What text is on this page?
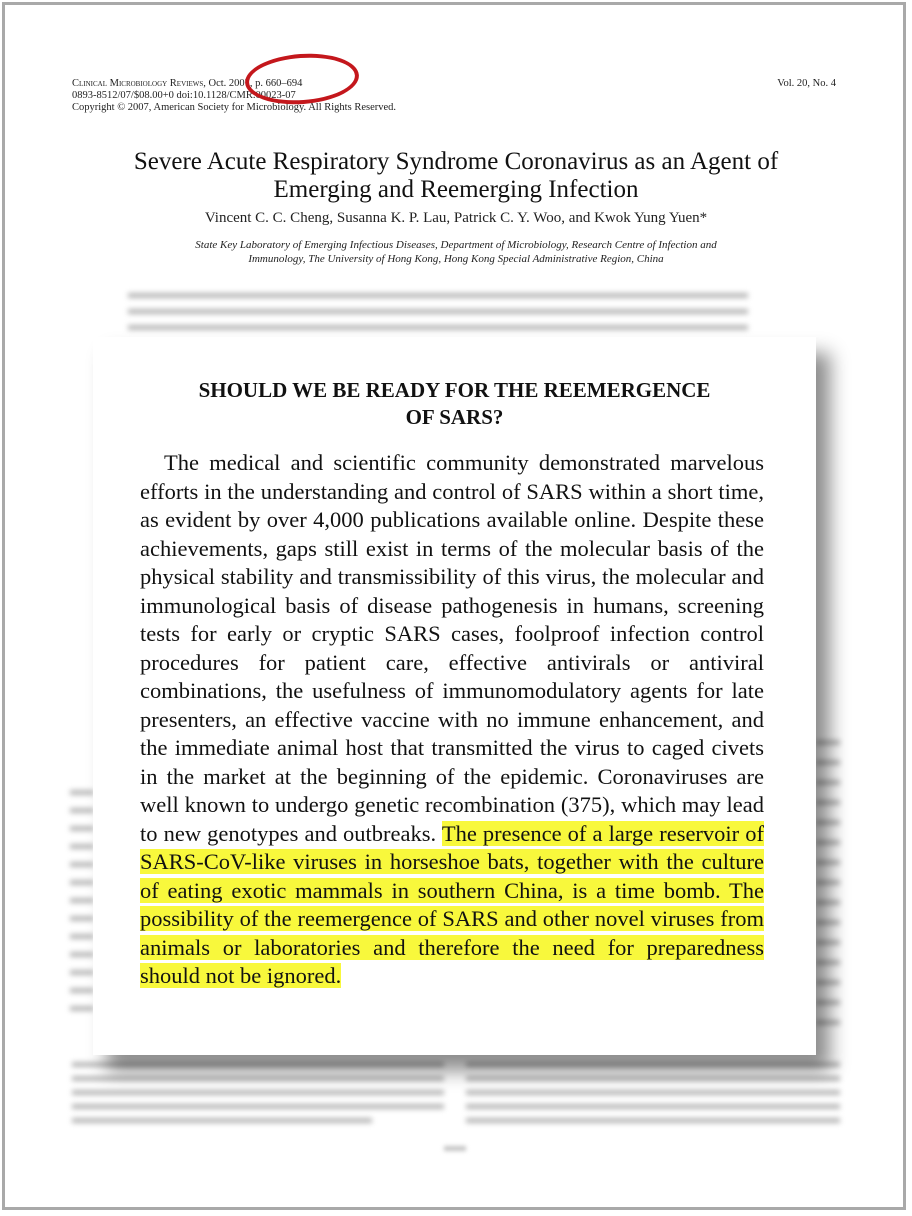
Clinical Microbiology Reviews, Oct. 2007, p. 660–694
0893-8512/07/$08.00+0 doi:10.1128/CMR.00023-07
Copyright © 2007, American Society for Microbiology. All Rights Reserved.
Vol. 20, No. 4
Severe Acute Respiratory Syndrome Coronavirus as an Agent of
Emerging and Reemerging Infection
Vincent C. C. Cheng, Susanna K. P. Lau, Patrick C. Y. Woo, and Kwok Yung Yuen*
State Key Laboratory of Emerging Infectious Diseases, Department of Microbiology, Research Centre of Infection and
Immunology, The University of Hong Kong, Hong Kong Special Administrative Region, China
SHOULD WE BE READY FOR THE REEMERGENCE
OF SARS?
The medical and scientific community demonstrated marvelous efforts in the understanding and control of SARS within a short time, as evident by over 4,000 publications available online. Despite these achievements, gaps still exist in terms of the molecular basis of the physical stability and transmissibility of this virus, the molecular and immunological basis of disease pathogenesis in humans, screening tests for early or cryptic SARS cases, foolproof infection control procedures for patient care, effective antivirals or antiviral combinations, the usefulness of immunomodulatory agents for late presenters, an effective vaccine with no immune enhancement, and the immediate animal host that transmitted the virus to caged civets in the market at the beginning of the epidemic. Coronaviruses are well known to undergo genetic recombination (375), which may lead to new genotypes and outbreaks. The presence of a large reservoir of SARS-CoV-like viruses in horseshoe bats, together with the culture of eating exotic mammals in southern China, is a time bomb. The possibility of the reemergence of SARS and other novel viruses from animals or laboratories and therefore the need for preparedness should not be ignored.
